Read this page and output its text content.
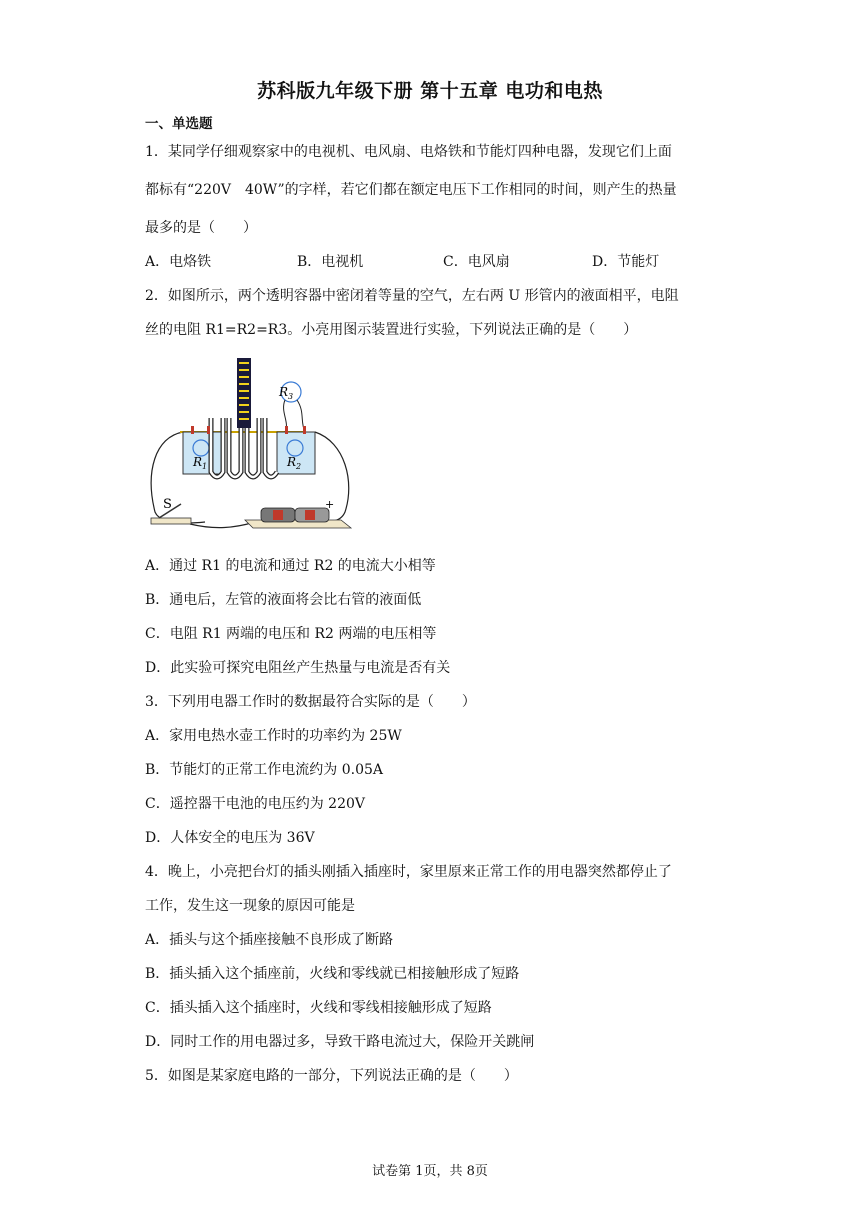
苏科版九年级下册 第十五章 电功和电热
一、单选题
1．某同学仔细观察家中的电视机、电风扇、电烙铁和节能灯四种电器，发现它们上面
都标有“220V　40W”的字样，若它们都在额定电压下工作相同的时间，则产生的热量
最多的是（　　）
A．电烙铁	B．电视机	C．电风扇	D．节能灯
2．如图所示，两个透明容器中密闭着等量的空气，左右两 U 形管内的液面相平，电阻
丝的电阻 R1=R2=R3。小亮用图示装置进行实验，下列说法正确的是（　　）
$R_3$
$R_1$	$R_2$
S	+
A．通过 R1 的电流和通过 R2 的电流大小相等
B．通电后，左管的液面将会比右管的液面低
C．电阻 R1 两端的电压和 R2 两端的电压相等
D．此实验可探究电阻丝产生热量与电流是否有关
3．下列用电器工作时的数据最符合实际的是（　　）
A．家用电热水壶工作时的功率约为 25W
B．节能灯的正常工作电流约为 0.05A
C．遥控器干电池的电压约为 220V
D．人体安全的电压为 36V
4．晚上，小亮把台灯的插头刚插入插座时，家里原来正常工作的用电器突然都停止了
工作，发生这一现象的原因可能是
A．插头与这个插座接触不良形成了断路
B．插头插入这个插座前，火线和零线就已相接触形成了短路
C．插头插入这个插座时，火线和零线相接触形成了短路
D．同时工作的用电器过多，导致干路电流过大，保险开关跳闸
5．如图是某家庭电路的一部分，下列说法正确的是（　　）
试卷第 1页，共 8页
